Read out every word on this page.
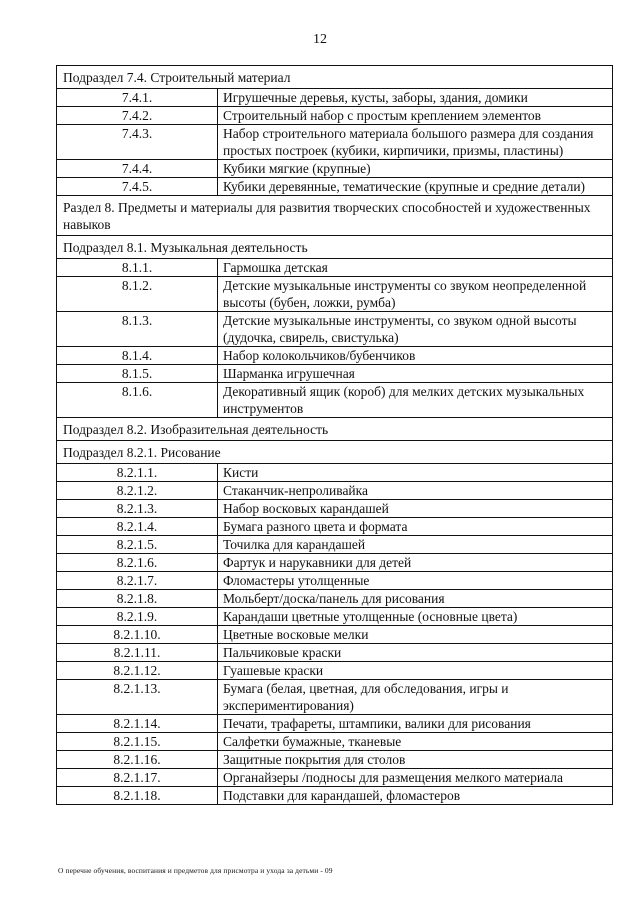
12
Подраздел 7.4. Строительный материал	
7.4.1.	Игрушечные деревья, кусты, заборы, здания, домики
7.4.2.	Строительный набор с простым креплением элементов
7.4.3.	Набор строительного материала большого размера для создания простых построек (кубики, кирпичики, призмы, пластины)
7.4.4.	Кубики мягкие (крупные)
7.4.5.	Кубики деревянные, тематические (крупные и средние детали)
Раздел 8. Предметы и материалы для развития творческих способностей и художественных навыков	
Подраздел 8.1. Музыкальная деятельность	
8.1.1.	Гармошка детская
8.1.2.	Детские музыкальные инструменты со звуком неопределенной высоты (бубен, ложки, румба)
8.1.3.	Детские музыкальные инструменты, со звуком одной высоты (дудочка, свирель, свистулька)
8.1.4.	Набор колокольчиков/бубенчиков
8.1.5.	Шарманка игрушечная
8.1.6.	Декоративный ящик (короб) для мелких детских музыкальных инструментов
Подраздел 8.2. Изобразительная деятельность	
Подраздел 8.2.1. Рисование	
8.2.1.1.	Кисти
8.2.1.2.	Стаканчик-непроливайка
8.2.1.3.	Набор восковых карандашей
8.2.1.4.	Бумага разного цвета и формата
8.2.1.5.	Точилка для карандашей
8.2.1.6.	Фартук и нарукавники для детей
8.2.1.7.	Фломастеры утолщенные
8.2.1.8.	Мольберт/доска/панель для рисования
8.2.1.9.	Карандаши цветные утолщенные (основные цвета)
8.2.1.10.	Цветные восковые мелки
8.2.1.11.	Пальчиковые краски
8.2.1.12.	Гуашевые краски
8.2.1.13.	Бумага (белая, цветная, для обследования, игры и экспериментирования)
8.2.1.14.	Печати, трафареты, штампики, валики для рисования
8.2.1.15.	Салфетки бумажные, тканевые
8.2.1.16.	Защитные покрытия для столов
8.2.1.17.	Органайзеры /подносы для размещения мелкого материала
8.2.1.18.	Подставки для карандашей, фломастеров
О перечне обучения, воспитания и предметов для присмотра и ухода за детьми - 09
